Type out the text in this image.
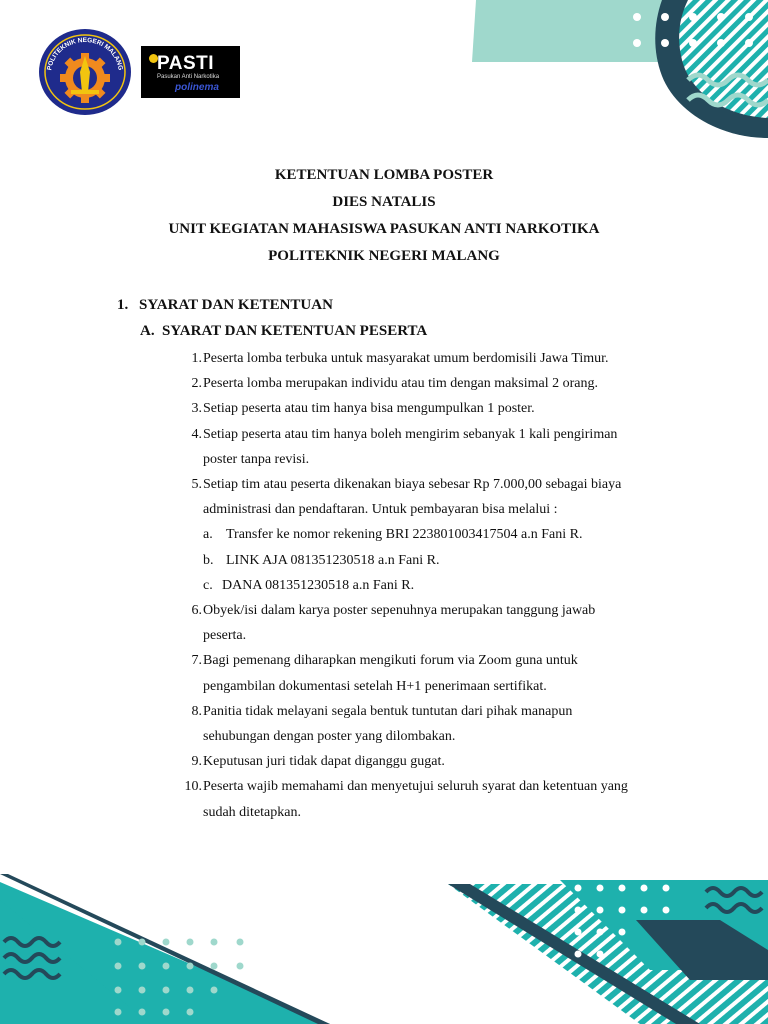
POLITEKNIK NEGERI MALANG PASTI
Pasukan Anti Narkotika
polinema
KETENTUAN LOMBA POSTER
DIES NATALIS
UNIT KEGIATAN MAHASISWA PASUKAN ANTI NARKOTIKA
POLITEKNIK NEGERI MALANG
1. SYARAT DAN KETENTUAN
A. SYARAT DAN KETENTUAN PESERTA
1. Peserta lomba terbuka untuk masyarakat umum berdomisili Jawa Timur.
2. Peserta lomba merupakan individu atau tim dengan maksimal 2 orang.
3. Setiap peserta atau tim hanya bisa mengumpulkan 1 poster.
4. Setiap peserta atau tim hanya boleh mengirim sebanyak 1 kali pengiriman
poster tanpa revisi.
5. Setiap tim atau peserta dikenakan biaya sebesar Rp 7.000,00 sebagai biaya
administrasi dan pendaftaran. Untuk pembayaran bisa melalui :
a. Transfer ke nomor rekening BRI 223801003417504 a.n Fani R.
b. LINK AJA 081351230518 a.n Fani R.
c. DANA 081351230518 a.n Fani R.
6. Obyek/isi dalam karya poster sepenuhnya merupakan tanggung jawab
peserta.
7. Bagi pemenang diharapkan mengikuti forum via Zoom guna untuk
pengambilan dokumentasi setelah H+1 penerimaan sertifikat.
8. Panitia tidak melayani segala bentuk tuntutan dari pihak manapun
sehubungan dengan poster yang dilombakan.
9. Keputusan juri tidak dapat diganggu gugat.
10. Peserta wajib memahami dan menyetujui seluruh syarat dan ketentuan yang
sudah ditetapkan.
